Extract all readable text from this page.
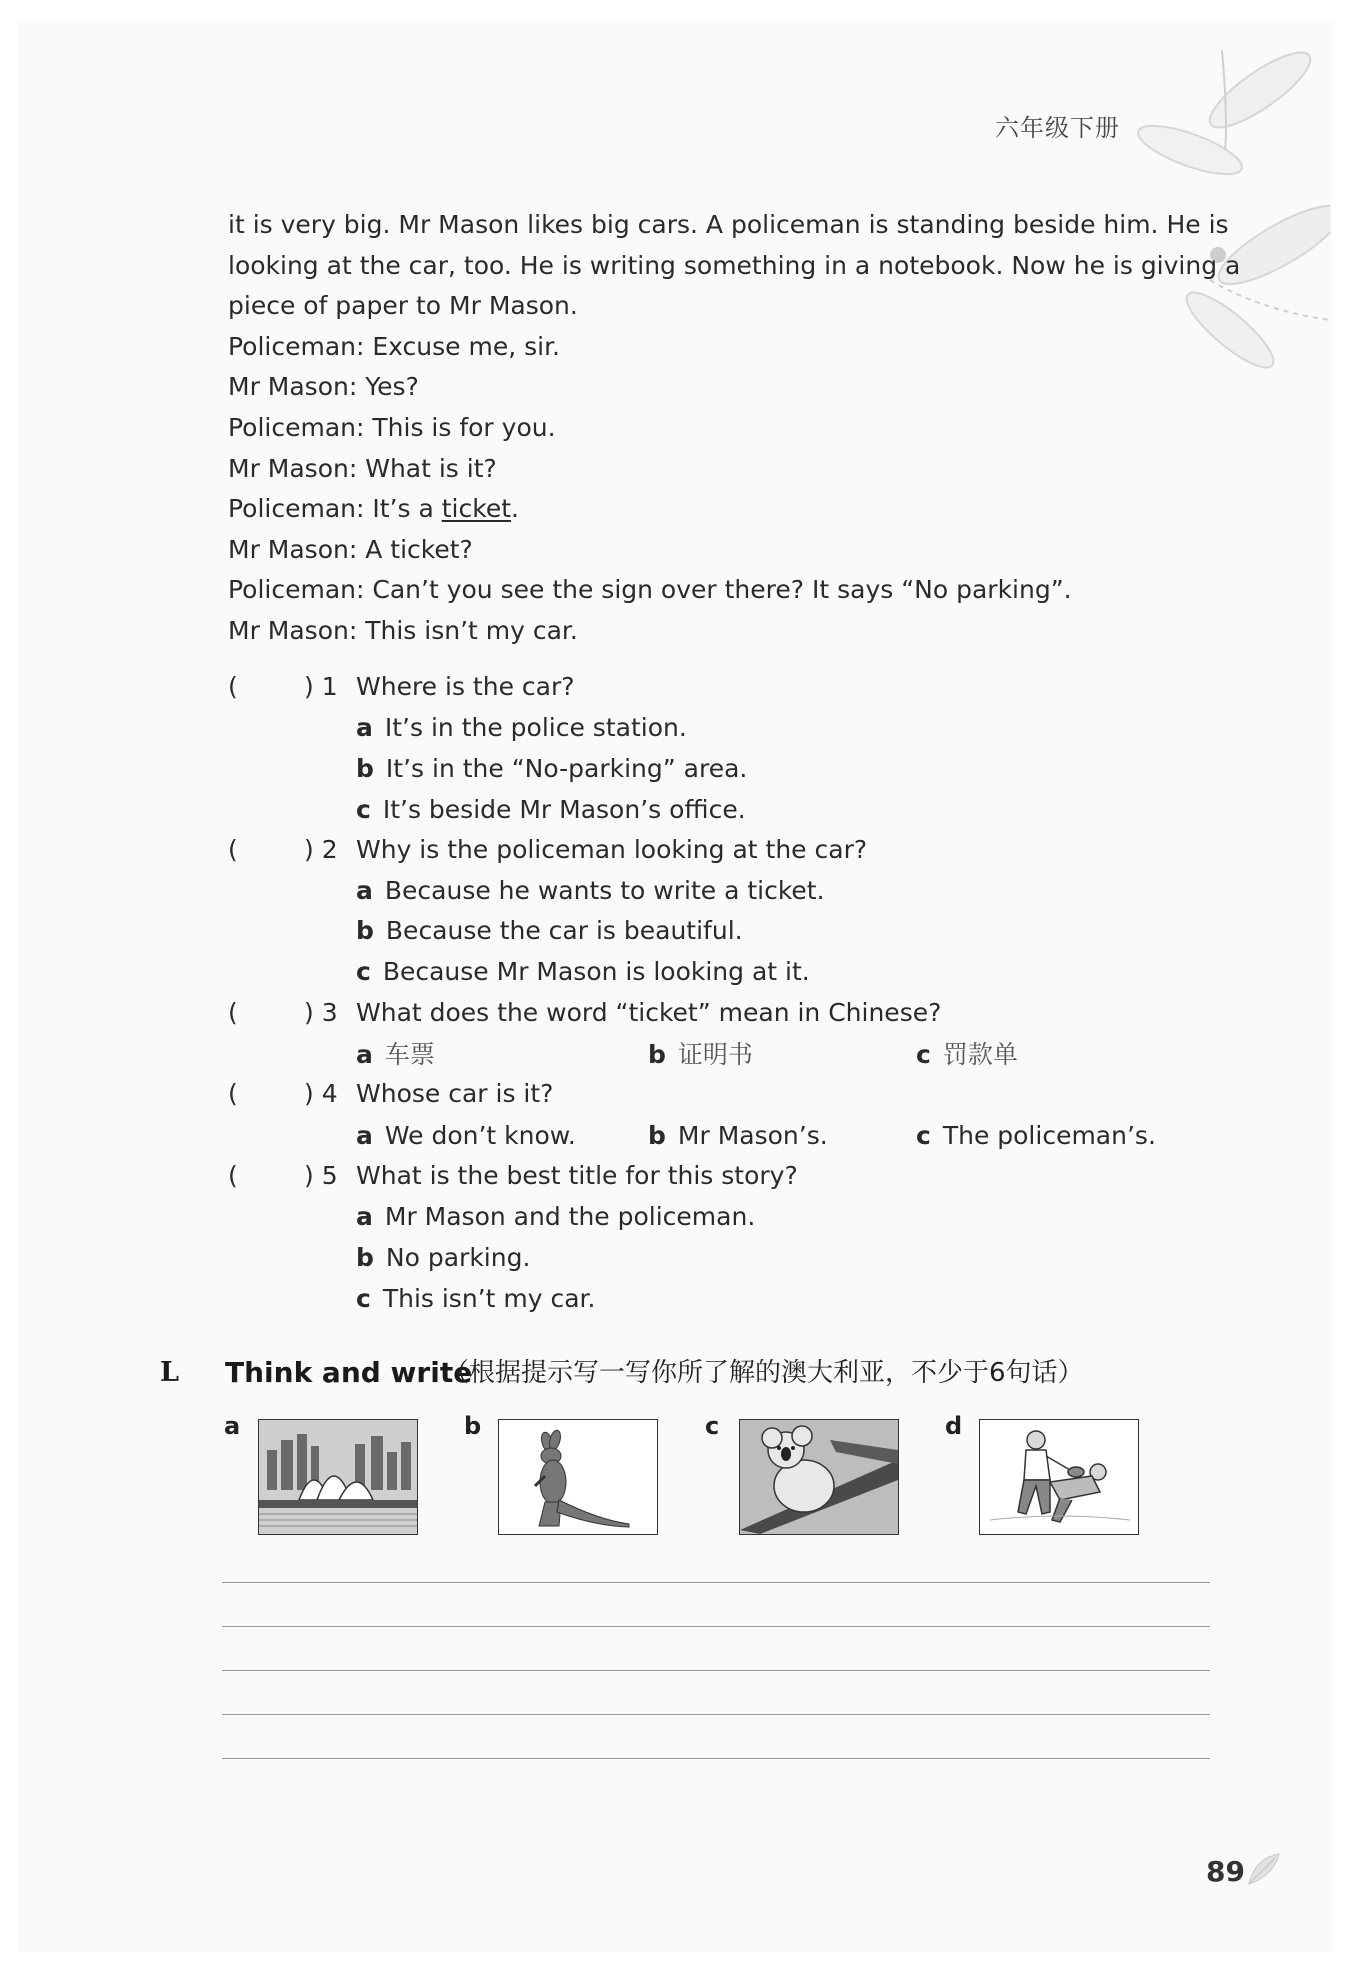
六年级下册

it is very big. Mr Mason likes big cars. A policeman is standing beside him. He is

looking at the car, too. He is writing something in a notebook. Now he is giving a

piece of paper to Mr Mason.

Policeman: Excuse me, sir.

Mr Mason: Yes?

Policeman: This is for you.

Mr Mason: What is it?

Policeman: It’s a ticket.

Mr Mason: A ticket?

Policeman: Can’t you see the sign over there? It says “No parking”.

Mr Mason: This isn’t my car.

(	) 1 Where is the car?
a It’s in the police station.
b It’s in the “No-parking” area.
c It’s beside Mr Mason’s office.
(	) 2 Why is the policeman looking at the car?
a Because he wants to write a ticket.
b Because the car is beautiful.
c Because Mr Mason is looking at it.
(	) 3 What does the word “ticket” mean in Chinese?
a 车票	b 证明书	c 罚款单
(	) 4 Whose car is it?
a We don’t know.	b Mr Mason’s.	c The policeman’s.
(	) 5 What is the best title for this story?
a Mr Mason and the policeman.
b No parking.
c This isn’t my car.
L Think and write
（根据提示写一写你所了解的澳大利亚，不少于6句话）
a	b	c	d
89
